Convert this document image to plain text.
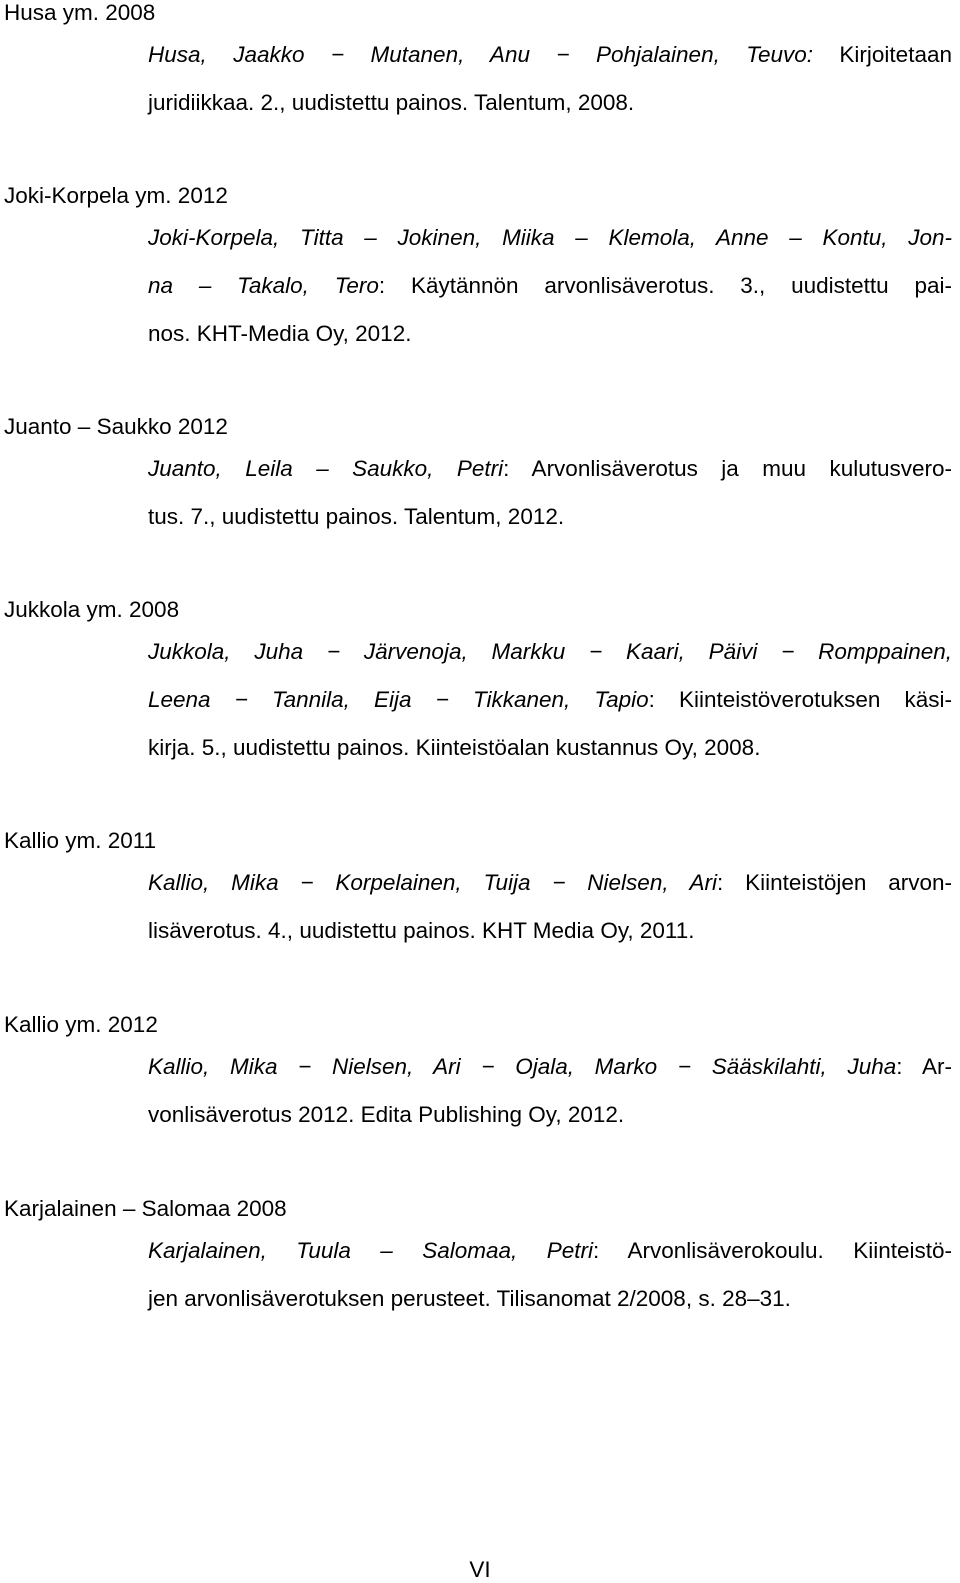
Husa ym. 2008
Husa, Jaakko − Mutanen, Anu − Pohjalainen, Teuvo: Kirjoitetaan
juridiikkaa. 2., uudistettu painos. Talentum, 2008.
Joki-Korpela ym. 2012
Joki-Korpela, Titta – Jokinen, Miika – Klemola, Anne – Kontu, Jon-
na – Takalo, Tero: Käytännön arvonlisäverotus. 3., uudistettu pai-
nos. KHT-Media Oy, 2012.
Juanto – Saukko 2012
Juanto, Leila – Saukko, Petri: Arvonlisäverotus ja muu kulutusvero-
tus. 7., uudistettu painos. Talentum, 2012.
Jukkola ym. 2008
Jukkola, Juha − Järvenoja, Markku − Kaari, Päivi − Romppainen,
Leena − Tannila, Eija − Tikkanen, Tapio: Kiinteistöverotuksen käsi-
kirja. 5., uudistettu painos. Kiinteistöalan kustannus Oy, 2008.
Kallio ym. 2011
Kallio, Mika − Korpelainen, Tuija − Nielsen, Ari: Kiinteistöjen arvon-
lisäverotus. 4., uudistettu painos. KHT Media Oy, 2011.
Kallio ym. 2012
Kallio, Mika − Nielsen, Ari − Ojala, Marko − Sääskilahti, Juha: Ar-
vonlisäverotus 2012. Edita Publishing Oy, 2012.
Karjalainen – Salomaa 2008
Karjalainen, Tuula – Salomaa, Petri: Arvonlisäverokoulu. Kiinteistö-
jen arvonlisäverotuksen perusteet. Tilisanomat 2/2008, s. 28–31.
VI
